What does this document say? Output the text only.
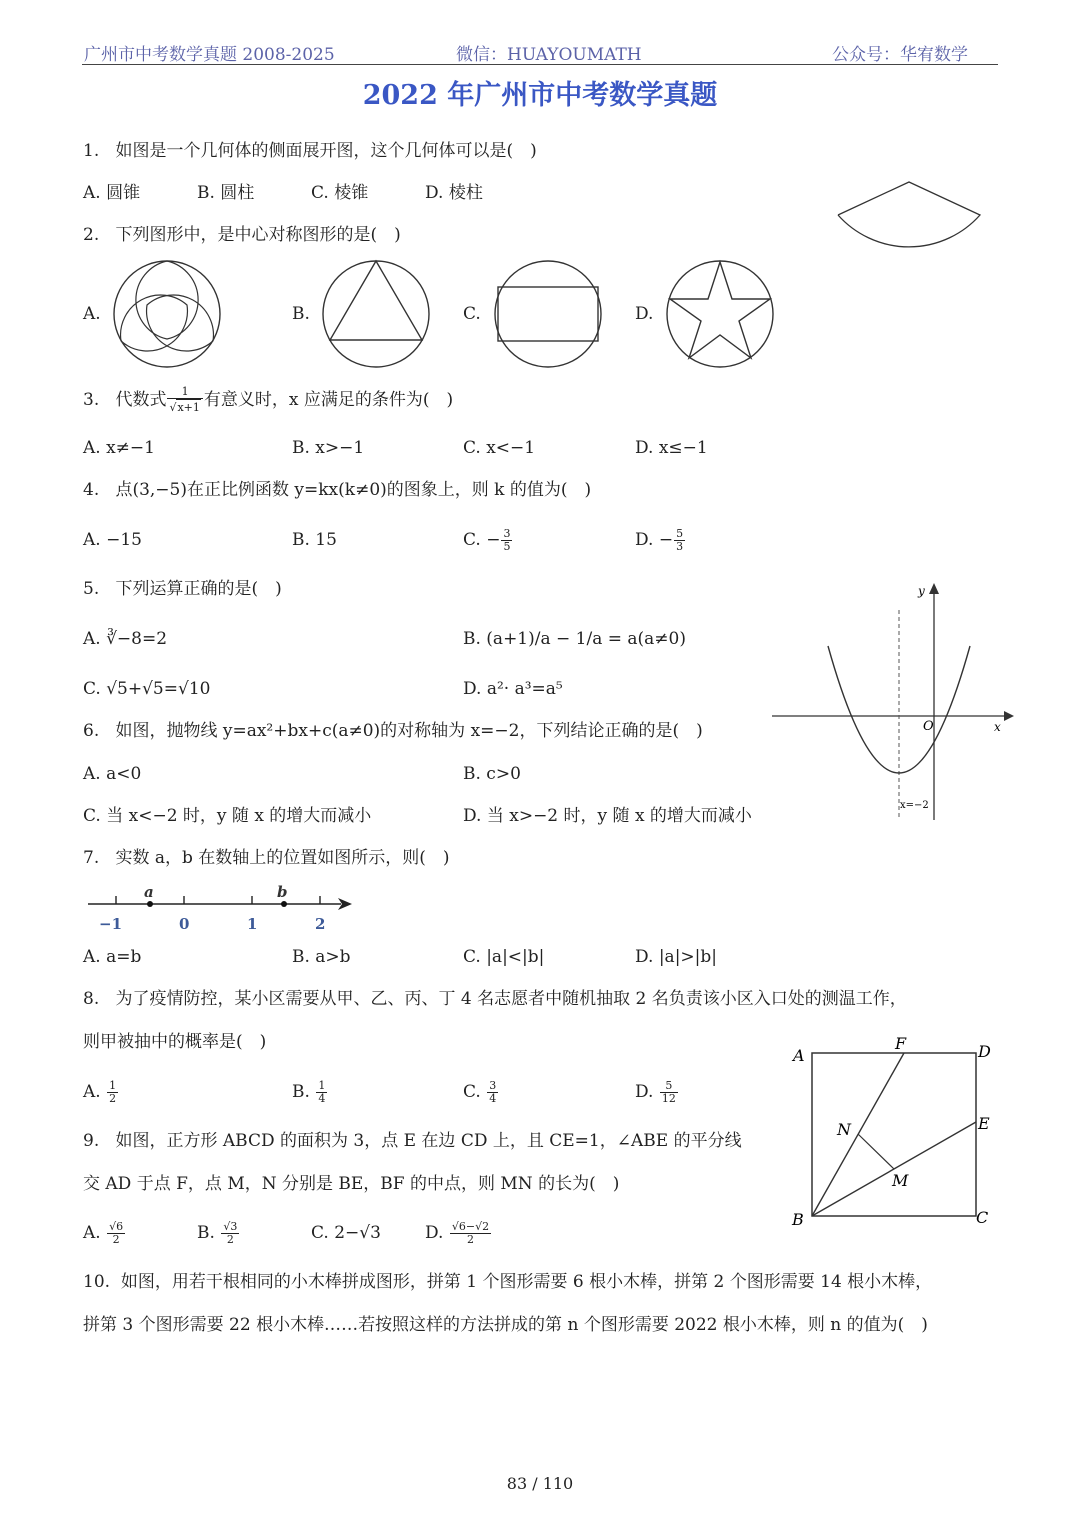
广州市中考数学真题 2008-2025	微信：HUAYOUMATH	公众号：华宥数学
2022 年广州市中考数学真题
1. 如图是一个几何体的侧面展开图，这个几何体可以是(　)
A. 圆锥	B. 圆柱	C. 棱锥	D. 棱柱
2. 下列图形中，是中心对称图形的是(　)
A.	B.	C.	D.
3. 代数式 $\frac{1}{√x+1}$ 有意义时，x 应满足的条件为(　)
A. x≠−1	B. x>−1	C. x<−1	D. x≤−1
4. 点(3,−5)在正比例函数 y=kx(k≠0)的图象上，则 k 的值为(　)
A. −15	B. 15	C. − $\frac{3}{5}$	D. − $\frac{5}{3}$
5. 下列运算正确的是(　)
A. ∛−8=2	B. (a+1)/a − 1/a = a(a≠0)
C. √5+√5=√10	D. a²· a³=a⁵
6. 如图，抛物线 y=ax²+bx+c(a≠0)的对称轴为 x=−2，下列结论正确的是(　)
A. a<0	B. c>0
C. 当 x<−2 时，y 随 x 的增大而减小	D. 当 x>−2 时，y 随 x 的增大而减小
y
x
O
x=−2
7. 实数 a，b 在数轴上的位置如图所示，则(　)
a	b
−1	0	1	2
A. a=b	B. a>b	C. |a|<|b|	D. |a|>|b|
8. 为了疫情防控，某小区需要从甲、乙、丙、丁 4 名志愿者中随机抽取 2 名负责该小区入口处的测温工作，
则甲被抽中的概率是(　)
A. $\frac{1}{2}$	B. $\frac{1}{4}$	C. $\frac{3}{4}$	D. $\frac{5}{12}$
A
F	D
N	E
M
B	C
9. 如图，正方形 ABCD 的面积为 3，点 E 在边 CD 上，且 CE=1，∠ABE 的平分线
交 AD 于点 F，点 M，N 分别是 BE，BF 的中点，则 MN 的长为(　)
A. $\frac{√6}{2}$	B. $\frac{√3}{2}$	C. 2−√3	D. $\frac{√6-√2}{2}$
10. 如图，用若干根相同的小木棒拼成图形，拼第 1 个图形需要 6 根小木棒，拼第 2 个图形需要 14 根小木棒，
拼第 3 个图形需要 22 根小木棒……若按照这样的方法拼成的第 n 个图形需要 2022 根小木棒，则 n 的值为(　)
83 / 110
